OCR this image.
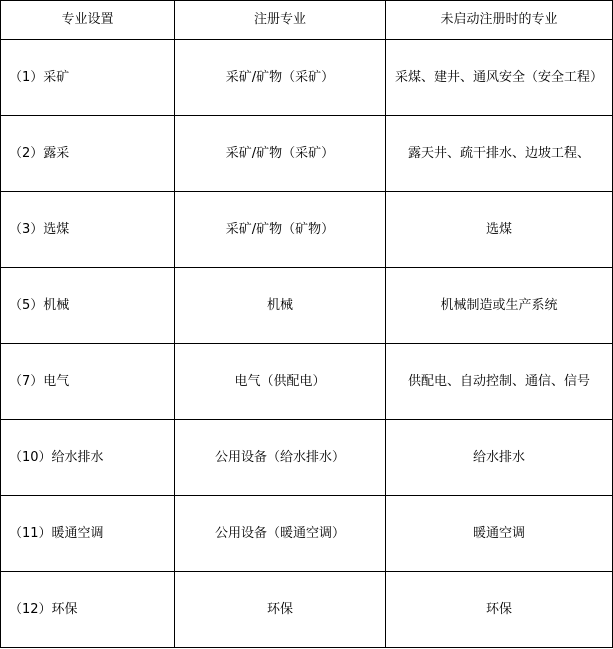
专业设置	注册专业	未启动注册时的专业
（1）采矿	采矿/矿物（采矿）	采煤、建井、通风安全（安全工程）
（2）露采	采矿/矿物（采矿）	露天井、疏干排水、边坡工程、
（3）选煤	采矿/矿物（矿物）	选煤
（5）机械	机械	机械制造或生产系统
（7）电气	电气（供配电）	供配电、自动控制、通信、信号
（10）给水排水	公用设备（给水排水）	给水排水
（11）暖通空调	公用设备（暖通空调）	暖通空调
（12）环保	环保	环保
